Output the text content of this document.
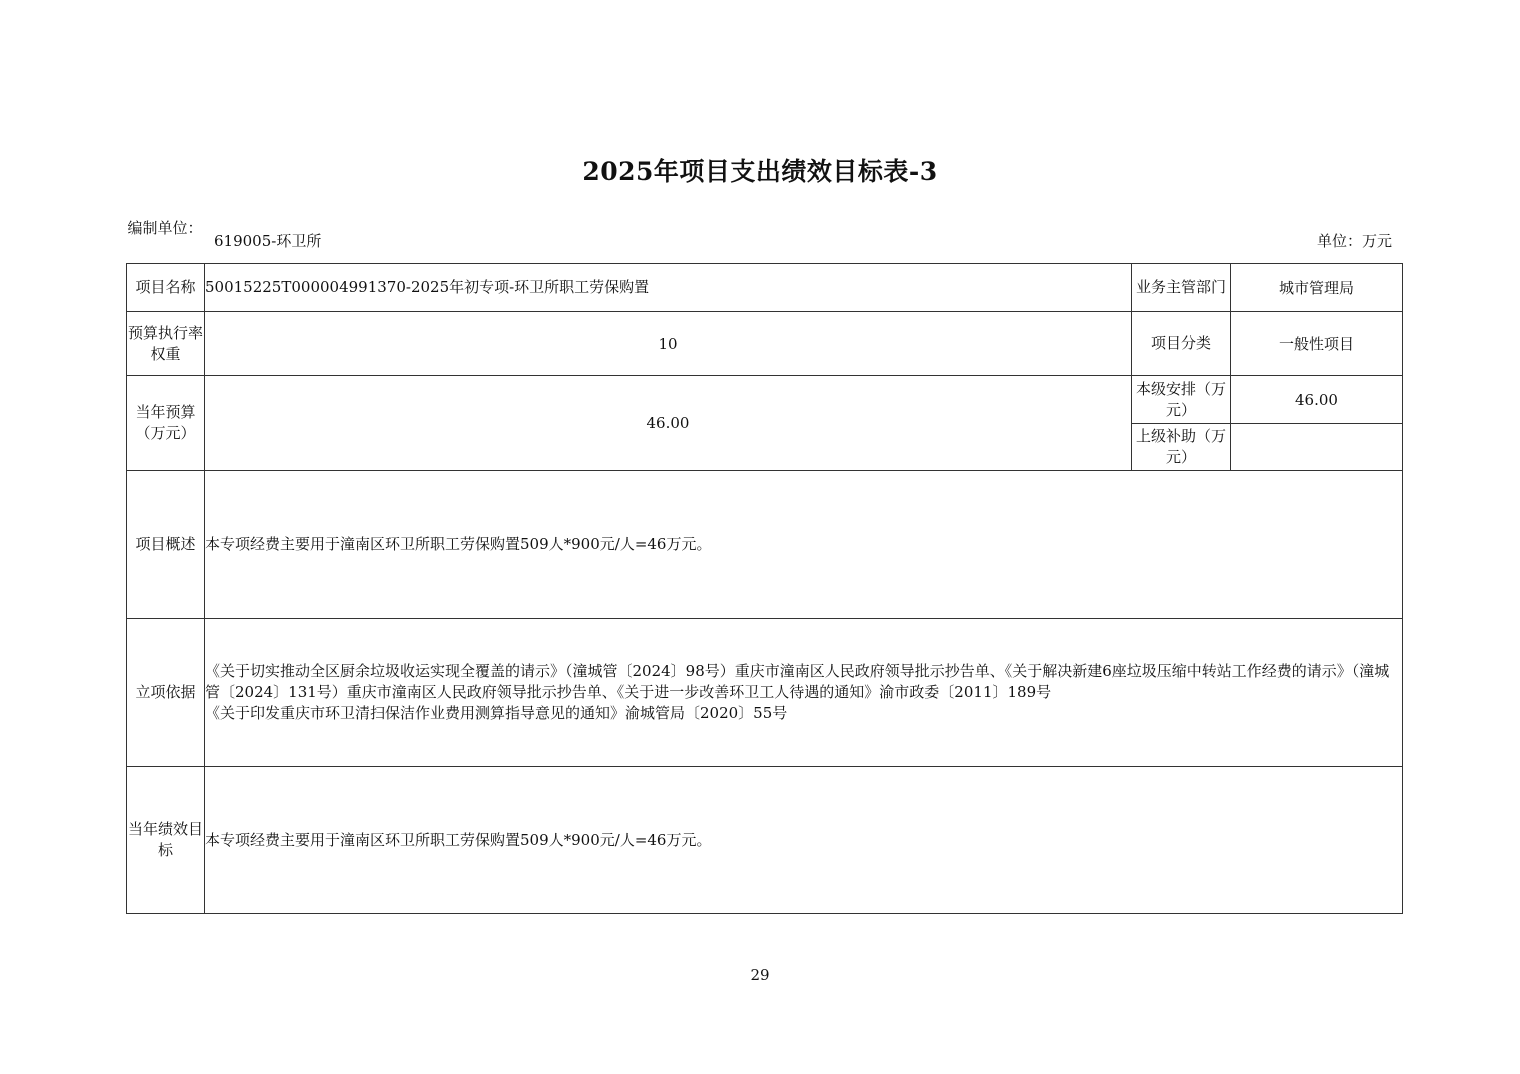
2025年项目支出绩效目标表-3
编制单位：
619005-环卫所	单位：万元
项目名称	50015225T000004991370-2025年初专项-环卫所职工劳保购置	业务主管部门	城市管理局
预算执行率权重	10	项目分类	一般性项目
当年预算（万元）	46.00	本级安排（万元）	46.00
		上级补助（万元）	
项目概述	本专项经费主要用于潼南区环卫所职工劳保购置509人*900元/人=46万元。		
立项依据	《关于切实推动全区厨余垃圾收运实现全覆盖的请示》（潼城管〔2024〕98号）重庆市潼南区人民政府领导批示抄告单、《关于解决新建6座垃圾压缩中转站工作经费的请示》（潼城管〔2024〕131号）重庆市潼南区人民政府领导批示抄告单、《关于进一步改善环卫工人待遇的通知》渝市政委〔2011〕189号
《关于印发重庆市环卫清扫保洁作业费用测算指导意见的通知》渝城管局〔2020〕55号		

当年绩效目标	本专项经费主要用于潼南区环卫所职工劳保购置509人*900元/人=46万元。		
29
